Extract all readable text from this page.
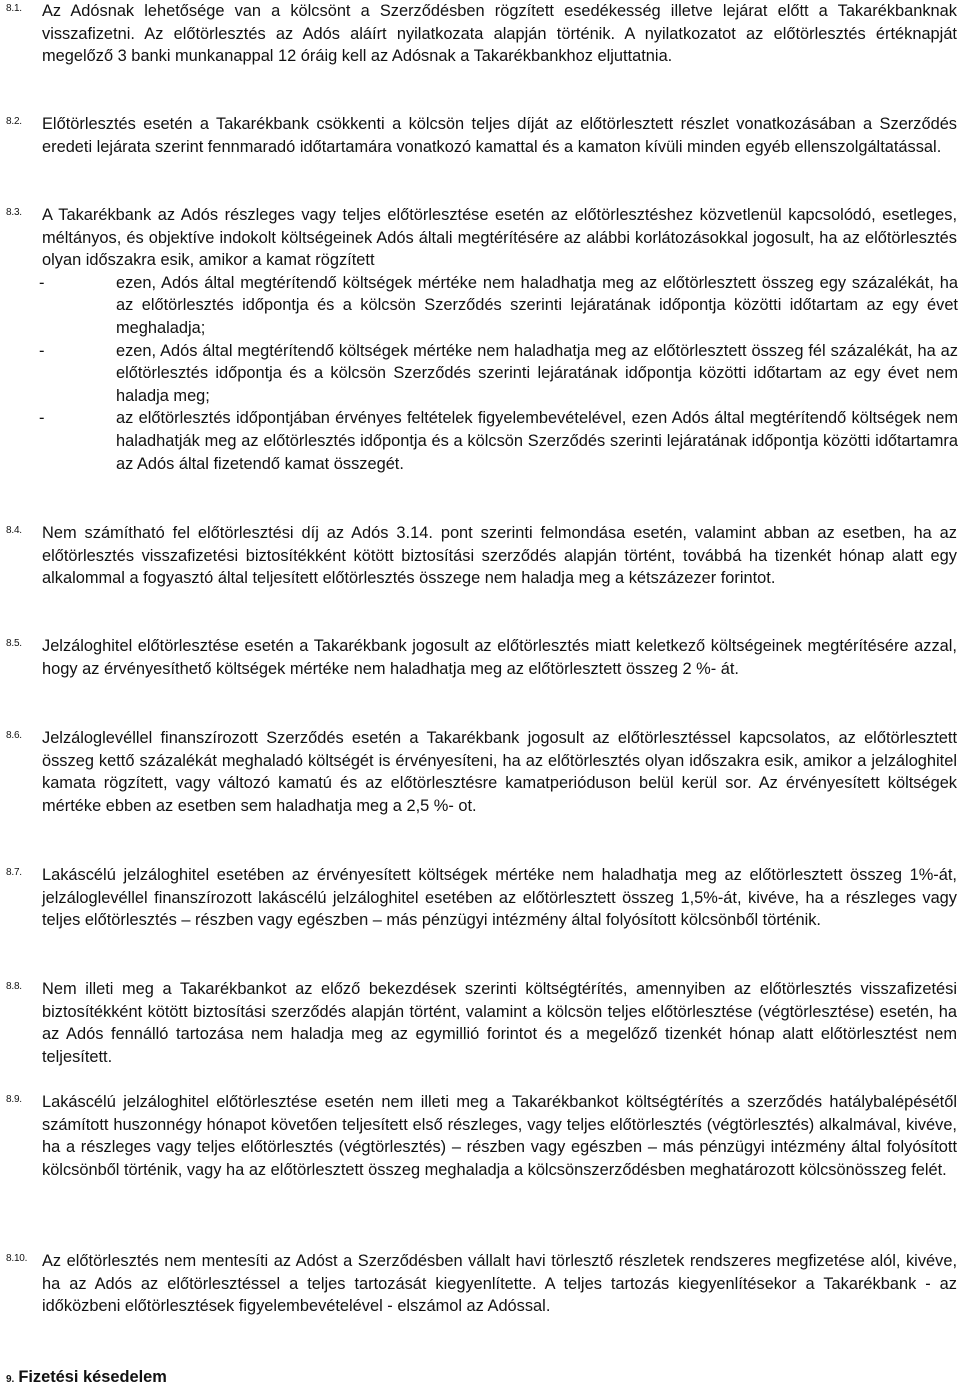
8.1. Az Adósnak lehetősége van a kölcsönt a Szerződésben rögzített esedékesség illetve lejárat előtt a Takarékbanknak visszafizetni. Az előtörlesztés az Adós aláírt nyilatkozata alapján történik. A nyilatkozatot az előtörlesztés értéknapját megelőző 3 banki munkanappal 12 óráig kell az Adósnak a Takarékbankhoz eljuttatnia.
8.2. Előtörlesztés esetén a Takarékbank csökkenti a kölcsön teljes díját az előtörlesztett részlet vonatkozásában a Szerződés eredeti lejárata szerint fennmaradó időtartamára vonatkozó kamattal és a kamaton kívüli minden egyéb ellenszolgáltatással.
8.3. A Takarékbank az Adós részleges vagy teljes előtörlesztése esetén az előtörlesztéshez közvetlenül kapcsolódó, esetleges, méltányos, és objektíve indokolt költségeinek Adós általi megtérítésére az alábbi korlátozásokkal jogosult, ha az előtörlesztés olyan időszakra esik, amikor a kamat rögzített
-	ezen, Adós által megtérítendő költségek mértéke nem haladhatja meg az előtörlesztett összeg egy százalékát, ha az előtörlesztés időpontja és a kölcsön Szerződés szerinti lejáratának időpontja közötti időtartam az egy évet meghaladja;
-	ezen, Adós által megtérítendő költségek mértéke nem haladhatja meg az előtörlesztett összeg fél százalékát, ha az előtörlesztés időpontja és a kölcsön Szerződés szerinti lejáratának időpontja közötti időtartam az egy évet nem haladja meg;
-	az előtörlesztés időpontjában érvényes feltételek figyelembevételével, ezen Adós által megtérítendő költségek nem haladhatják meg az előtörlesztés időpontja és a kölcsön Szerződés szerinti lejáratának időpontja közötti időtartamra az Adós által fizetendő kamat összegét.
8.4. Nem számítható fel előtörlesztési díj az Adós 3.14. pont szerinti felmondása esetén, valamint abban az esetben, ha az előtörlesztés visszafizetési biztosítékként kötött biztosítási szerződés alapján történt, továbbá ha tizenkét hónap alatt egy alkalommal a fogyasztó által teljesített előtörlesztés összege nem haladja meg a kétszázezer forintot.
8.5. Jelzáloghitel előtörlesztése esetén a Takarékbank jogosult az előtörlesztés miatt keletkező költségeinek megtérítésére azzal, hogy az érvényesíthető költségek mértéke nem haladhatja meg az előtörlesztett összeg 2 %- át.
8.6. Jelzáloglevéllel finanszírozott Szerződés esetén a Takarékbank jogosult az előtörlesztéssel kapcsolatos, az előtörlesztett összeg kettő százalékát meghaladó költségét is érvényesíteni, ha az előtörlesztés olyan időszakra esik, amikor a jelzáloghitel kamata rögzített, vagy változó kamatú és az előtörlesztésre kamatperióduson belül kerül sor. Az érvényesített költségek mértéke ebben az esetben sem haladhatja meg a 2,5 %- ot.
8.7. Lakáscélú jelzáloghitel esetében az érvényesített költségek mértéke nem haladhatja meg az előtörlesztett összeg 1%-át, jelzáloglevéllel finanszírozott lakáscélú jelzáloghitel esetében az előtörlesztett összeg 1,5%-át, kivéve, ha a részleges vagy teljes előtörlesztés – részben vagy egészben – más pénzügyi intézmény által folyósított kölcsönből történik.
8.8. Nem illeti meg a Takarékbankot az előző bekezdések szerinti költségtérítés, amennyiben az előtörlesztés visszafizetési biztosítékként kötött biztosítási szerződés alapján történt, valamint a kölcsön teljes előtörlesztése (végtörlesztése) esetén, ha az Adós fennálló tartozása nem haladja meg az egymillió forintot és a megelőző tizenkét hónap alatt előtörlesztést nem teljesített.
8.9. Lakáscélú jelzáloghitel előtörlesztése esetén nem illeti meg a Takarékbankot költségtérítés a szerződés hatálybalépésétől számított huszonnégy hónapot követően teljesített első részleges, vagy teljes előtörlesztés (végtörlesztés) alkalmával, kivéve, ha a részleges vagy teljes előtörlesztés (végtörlesztés) – részben vagy egészben – más pénzügyi intézmény által folyósított kölcsönből történik, vagy ha az előtörlesztett összeg meghaladja a kölcsönszerződésben meghatározott kölcsönösszeg felét.
8.10. Az előtörlesztés nem mentesíti az Adóst a Szerződésben vállalt havi törlesztő részletek rendszeres megfizetése alól, kivéve, ha az Adós az előtörlesztéssel a teljes tartozását kiegyenlítette. A teljes tartozás kiegyenlítésekor a Takarékbank - az időközbeni előtörlesztések figyelembevételével - elszámol az Adóssal.
9. Fizetési késedelem
